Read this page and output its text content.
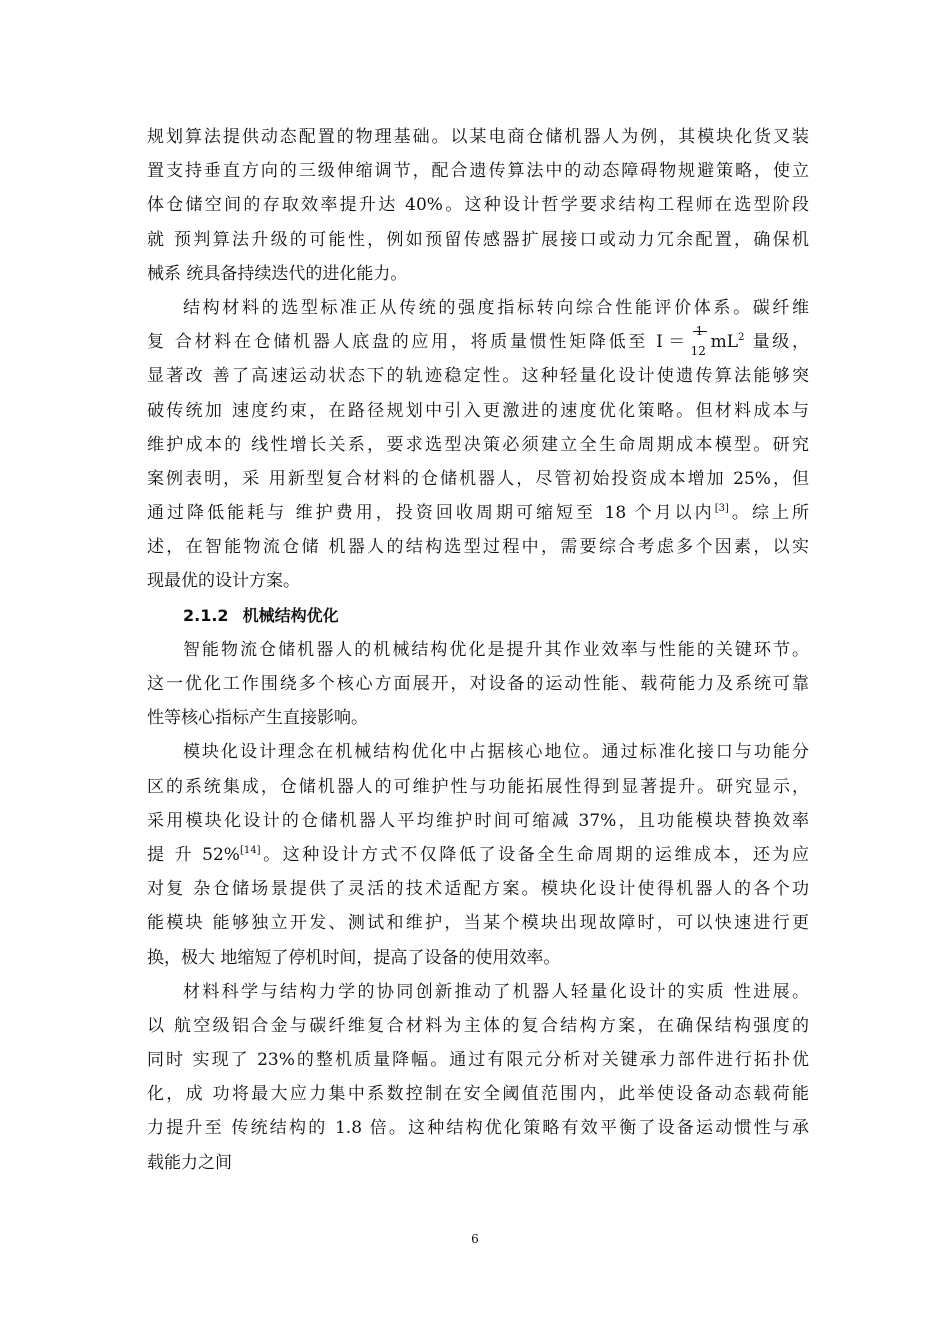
规划算法提供动态配置的物理基础。以某电商仓储机器人为例，其模块化货叉装
置支持垂直方向的三级伸缩调节，配合遗传算法中的动态障碍物规避策略，使立
体仓储空间的存取效率提升达 40%。这种设计哲学要求结构工程师在选型阶段
就 预判算法升级的可能性，例如预留传感器扩展接口或动力冗余配置，确保机
械系 统具备持续迭代的进化能力。
结构材料的选型标准正从传统的强度指标转向综合性能评价体系。碳纤维
复 合材料在仓储机器人底盘的应用，将质量惯性矩降低至 I ＝ 12 $mL^2$ 量级，
显著改 善了高速运动状态下的轨迹稳定性。这种轻量化设计使遗传算法能够突
破传统加 速度约束，在路径规划中引入更激进的速度优化策略。但材料成本与
维护成本的 线性增长关系，要求选型决策必须建立全生命周期成本模型。研究
案例表明，采 用新型复合材料的仓储机器人，尽管初始投资成本增加 25%，但
通过降低能耗与 维护费用，投资回收周期可缩短至 18 个月以内[3]。综上所
述，在智能物流仓储 机器人的结构选型过程中，需要综合考虑多个因素，以实
现最优的设计方案。
2.1.2 机械结构优化
智能物流仓储机器人的机械结构优化是提升其作业效率与性能的关键环节。
这一优化工作围绕多个核心方面展开，对设备的运动性能、载荷能力及系统可靠
性等核心指标产生直接影响。
模块化设计理念在机械结构优化中占据核心地位。通过标准化接口与功能分
区的系统集成，仓储机器人的可维护性与功能拓展性得到显著提升。研究显示，
采用模块化设计的仓储机器人平均维护时间可缩减 37%，且功能模块替换效率
提 升 52%[14]。这种设计方式不仅降低了设备全生命周期的运维成本，还为应
对复 杂仓储场景提供了灵活的技术适配方案。模块化设计使得机器人的各个功
能模块 能够独立开发、测试和维护，当某个模块出现故障时，可以快速进行更
换，极大 地缩短了停机时间，提高了设备的使用效率。
材料科学与结构力学的协同创新推动了机器人轻量化设计的实质 性进展。
以 航空级铝合金与碳纤维复合材料为主体的复合结构方案，在确保结构强度的
同时 实现了 23%的整机质量降幅。通过有限元分析对关键承力部件进行拓扑优
化，成 功将最大应力集中系数控制在安全阈值范围内，此举使设备动态载荷能
力提升至 传统结构的 1.8 倍。这种结构优化策略有效平衡了设备运动惯性与承
载能力之间
6
